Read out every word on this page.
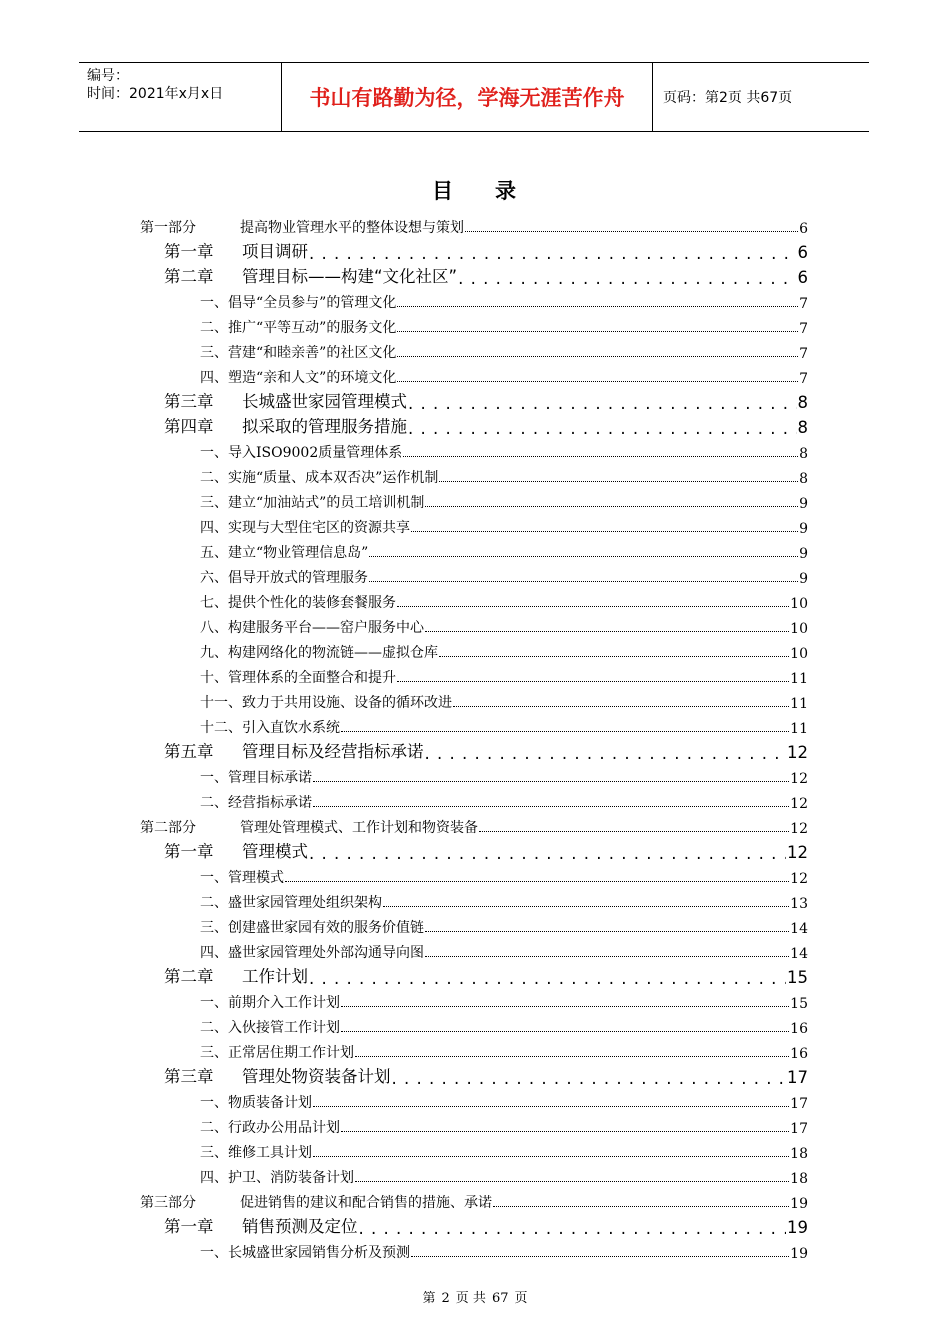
编号：
时间：2021年x月x日	书山有路勤为径，学海无涯苦作舟	页码：第2页 共67页
目 录
第一部分	提高物业管理水平的整体设想与策划	6
第一章 项目调研 . . .	6
第二章 管理目标——构建“文化社区” . . .	6
一、倡导“全员参与”的管理文化	7
二、推广“平等互动”的服务文化	7
三、营建“和睦亲善”的社区文化	7
四、塑造“亲和人文”的环境文化	7
第三章 长城盛世家园管理模式 . . .	8
第四章 拟采取的管理服务措施 . . .	8
一、导入ISO9002质量管理体系	8
二、实施“质量、成本双否决”运作机制	8
三、建立“加油站式”的员工培训机制	9
四、实现与大型住宅区的资源共享	9
五、建立“物业管理信息岛”	9
六、倡导开放式的管理服务	9
七、提供个性化的装修套餐服务	10
八、构建服务平台——窑户服务中心	10
九、构建网络化的物流链——虚拟仓库	10
十、管理体系的全面整合和提升	11
十一、致力于共用设施、设备的循环改进	11
十二、引入直饮水系统	11
第五章 管理目标及经营指标承诺 . . .	12
一、管理目标承诺	12
二、经营指标承诺	12
第二部分	管理处管理模式、工作计划和物资装备	12
第一章 管理模式 . . .	12
一、管理模式	12
二、盛世家园管理处组织架构	13
三、创建盛世家园有效的服务价值链	14
四、盛世家园管理处外部沟通导向图	14
第二章 工作计划 . . .	15
一、前期介入工作计划	15
二、入伙接管工作计划	16
三、正常居住期工作计划	16
第三章 管理处物资装备计划 . . .	17
一、物质装备计划	17
二、行政办公用品计划	17
三、维修工具计划	18
四、护卫、消防装备计划	18
第三部分	促进销售的建议和配合销售的措施、承诺	19
第一章 销售预测及定位 . . .	19
一、长城盛世家园销售分析及预测	19
第 2 页 共 67 页
